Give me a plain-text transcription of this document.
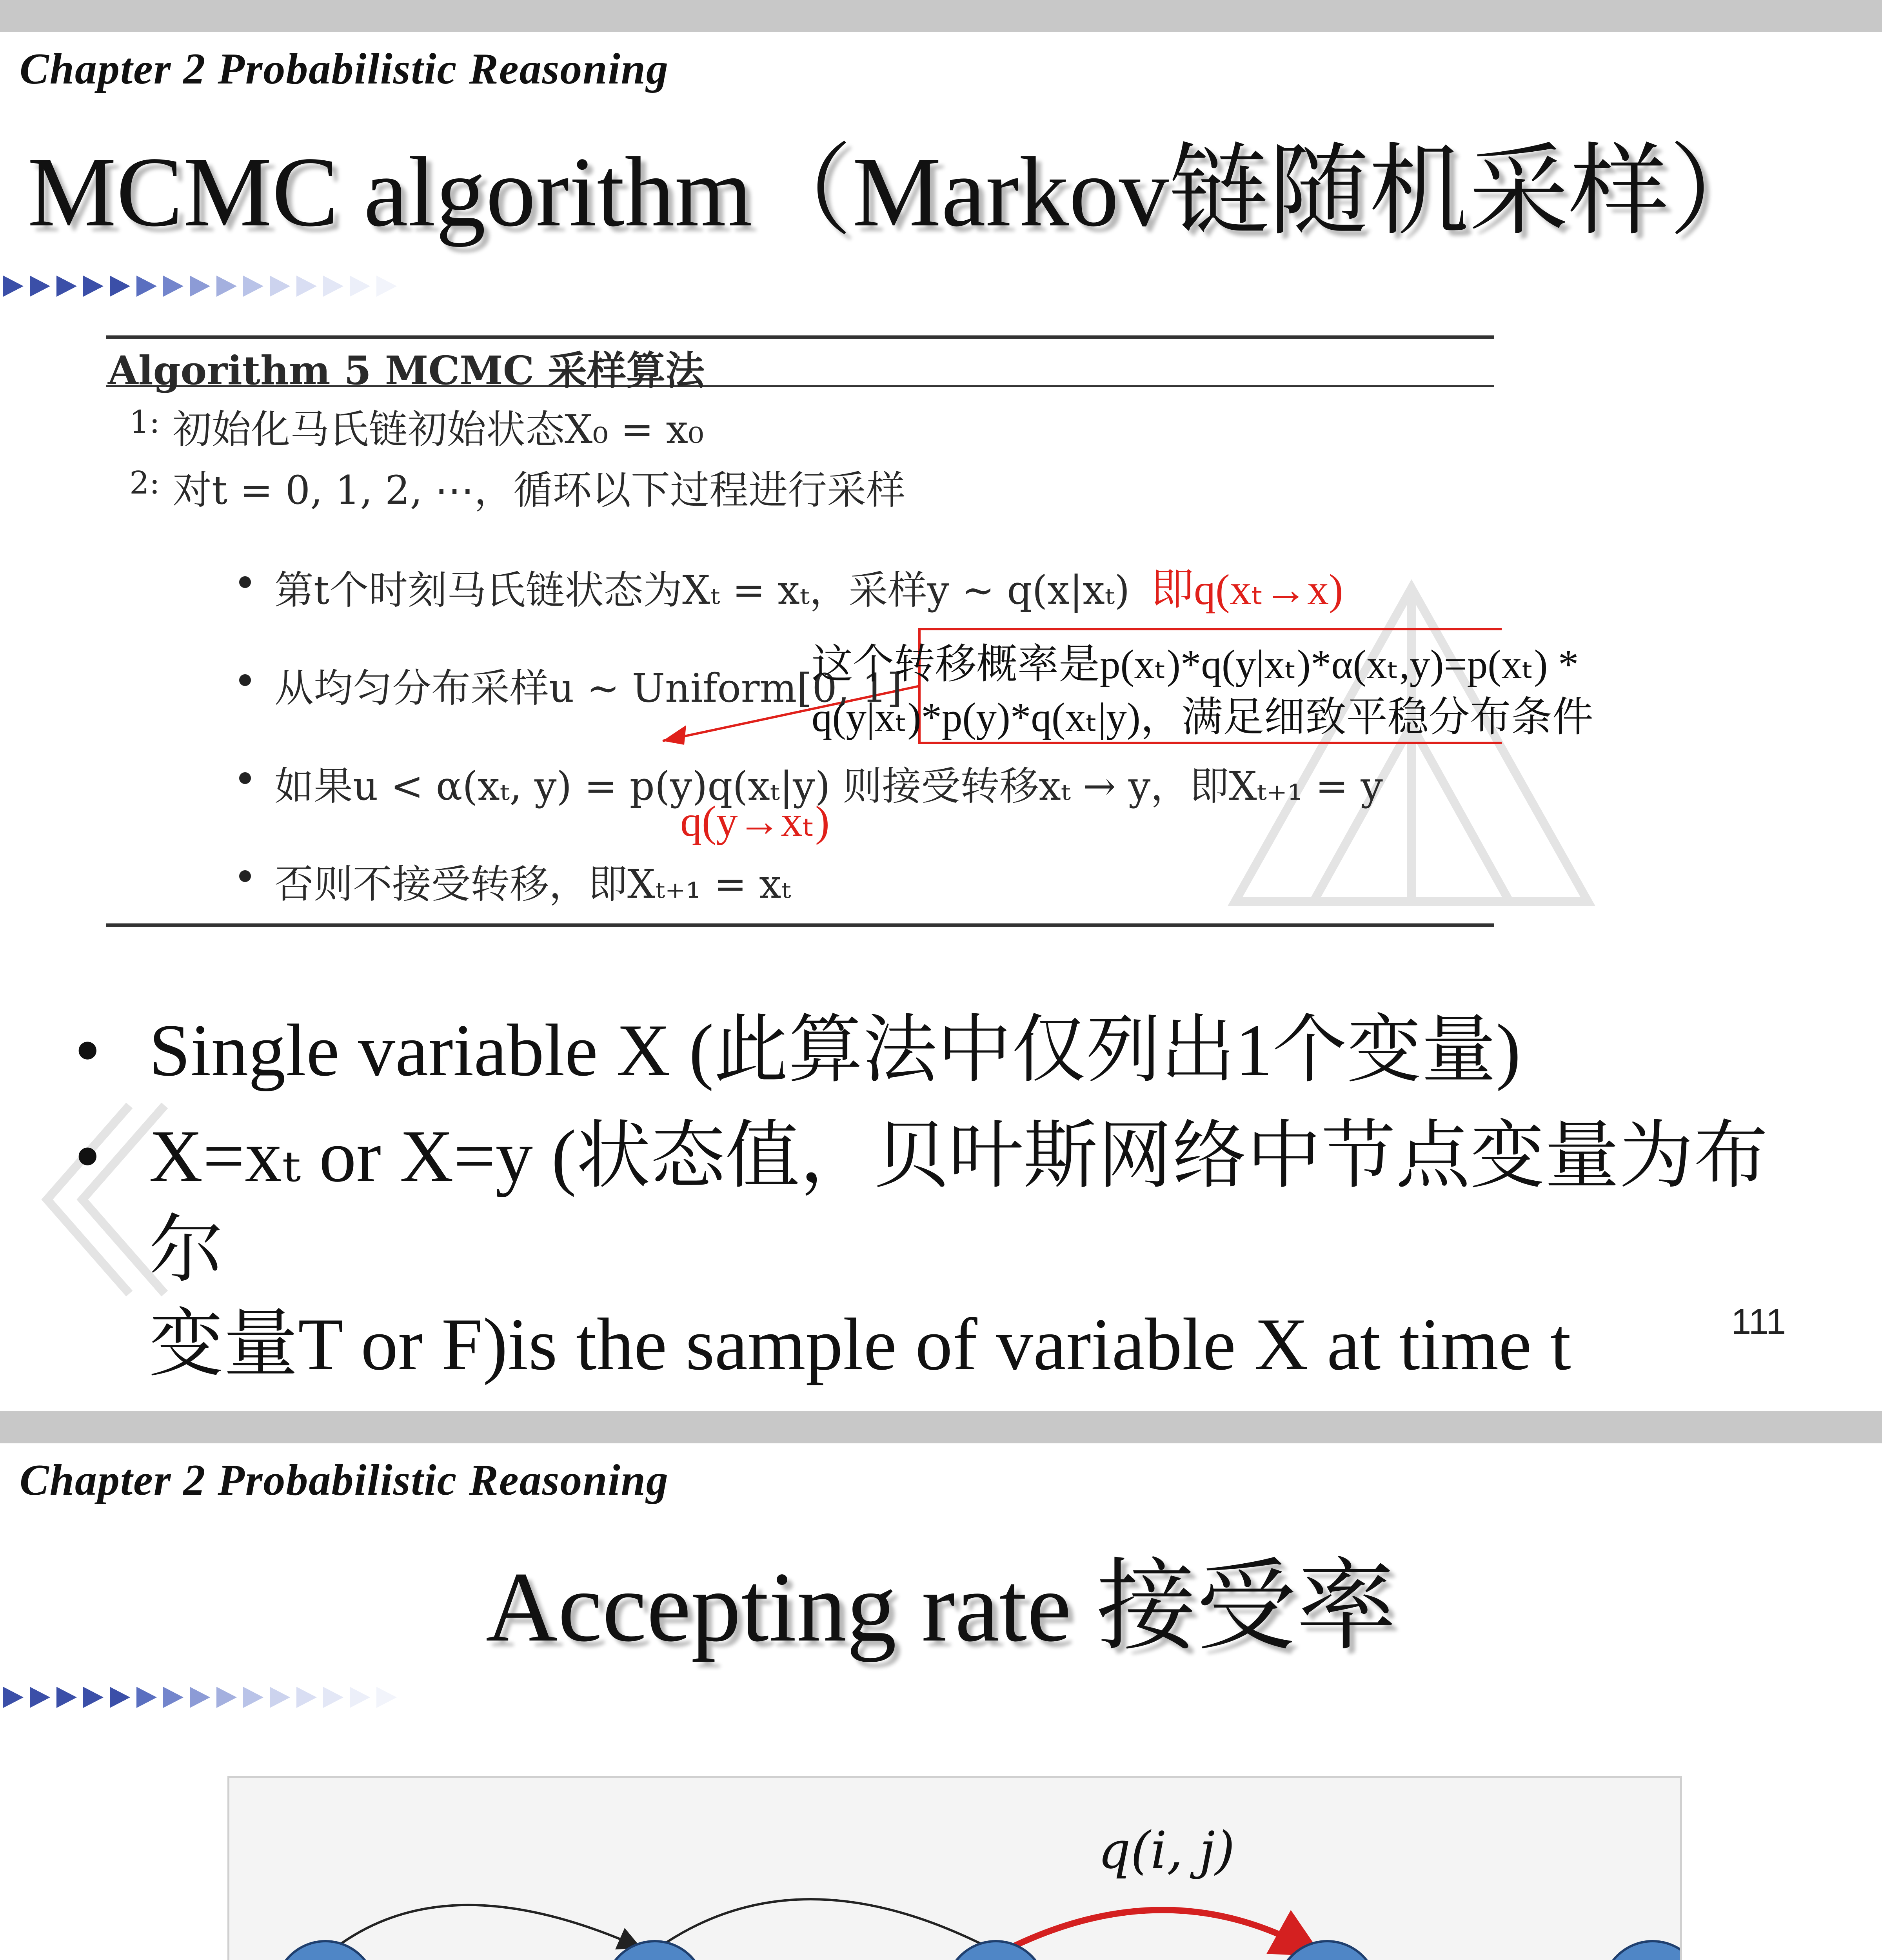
Chapter 2 Probabilistic Reasoning
MCMC algorithm（Markov链随机采样）
Algorithm 5 MCMC 采样算法
1: 初始化马氏链初始状态X₀ = x₀
2: 对t = 0, 1, 2, ⋯，循环以下过程进行采样
第t个时刻马氏链状态为Xₜ = xₜ，采样y ∼ q(x|xₜ)
从均匀分布采样u ∼ Uniform[0, 1]
如果u < α(xₜ, y) = p(y)q(xₜ|y) 则接受转移xₜ → y，即Xₜ₊₁ = y
否则不接受转移，即Xₜ₊₁ = xₜ
即q(xₜ→x)
这个转移概率是p(xₜ)*q(y|xₜ)*α(xₜ,y)=p(xₜ) *
q(y|xₜ)*p(y)*q(xₜ|y)，满足细致平稳分布条件
q(y→xₜ)
• Single variable X (此算法中仅列出1个变量)
• X=xₜ or X=y (状态值，贝叶斯网络中节点变量为布尔
变量T or F)is the sample of variable X at time t	111
Chapter 2 Probabilistic Reasoning
Accepting rate 接受率
q(i, j)
